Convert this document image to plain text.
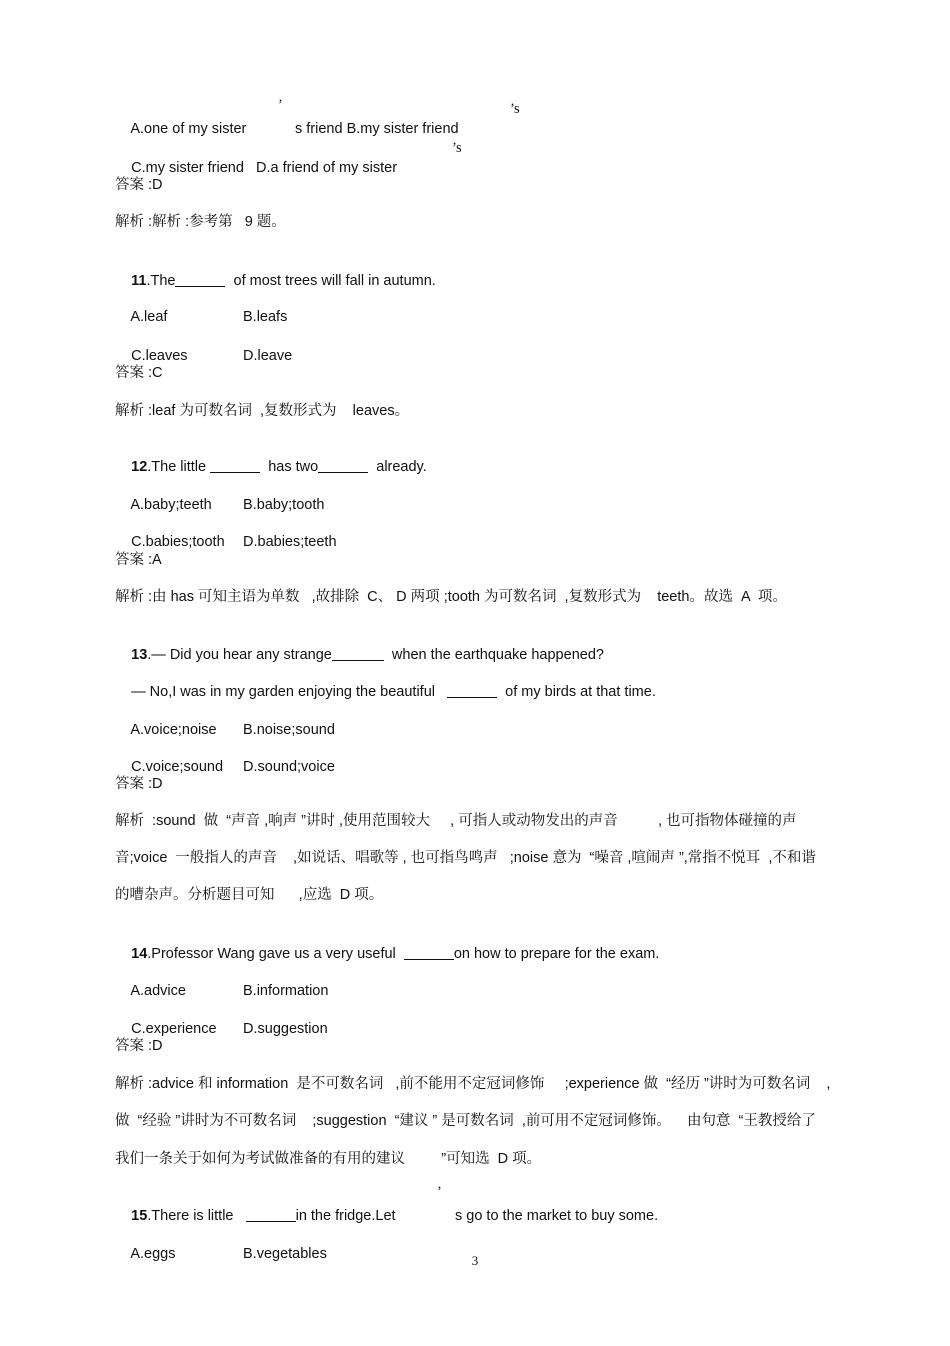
A.one of my sister
’
s friend B.my sister friend
’s

C.my sister friend   D.a friend of my sister
’s

答案 :D
解析 :解析 :参考第   9 题。

11.The	of most trees will fall in autumn.

A.leaf	B.leafs

C.leaves	D.leave

答案 :C
解析 :leaf 为可数名词  ,复数形式为    leaves。

12.The little	has two	already.

A.baby;teeth B.baby;tooth

C.babies;tooth D.babies;teeth

答案 :A
解析 :由 has 可知主语为单数   ,故排除  C、 D 两项 ;tooth 为可数名词  ,复数形式为    teeth。故选  A  项。

13.— Did you hear any strange	when the earthquake happened?

— No,I was in my garden enjoying the beautiful	of my birds at that time.

A.voice;noise B.noise;sound

C.voice;sound D.sound;voice

答案 :D
解析  :sound  做  “声音 ,响声 ”讲时 ,使用范围较大     , 可指人或动物发出的声音          , 也可指物体碰撞的声
音;voice  一般指人的声音    ,如说话、唱歌等 , 也可指鸟鸣声   ;noise 意为  “噪音 ,喧闹声 ”,常指不悦耳  ,不和谐
的嘈杂声。分析题目可知      ,应选  D 项。

14.Professor Wang gave us a very useful	on how to prepare for the exam.

A.advice	B.information

C.experience D.suggestion

答案 :D
解析 :advice 和 information  是不可数名词   ,前不能用不定冠词修饰     ;experience 做  “经历 ”讲时为可数名词    ,
做  “经验 ”讲时为不可数名词    ;suggestion  “建议 ” 是可数名词  ,前可用不定冠词修饰。    由句意  “王教授给了
我们一条关于如何为考试做准备的有用的建议         ”可知选  D 项。

15.There is little	in the fridge.Let
’
s go to the market to buy some.

A.eggs	B.vegetables

	3
